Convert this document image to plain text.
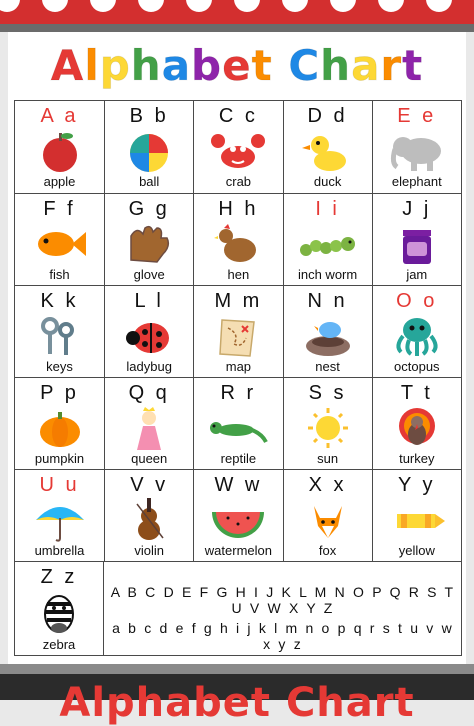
Alphabet Chart
A a
apple
B b
ball
C c
crab
D d
duck
E e
elephant
F f
fish
G g
glove
H h
hen
I i
inch worm
J j
jam
K k
keys
L l
ladybug
M m
map
N n
nest
O o
octopus
P p
pumpkin
Q q
queen
R r
reptile
S s
sun
T t
turkey
U u
umbrella
V v
violin
W w
watermelon
X x
fox
Y y
yellow
Z z
zebra
A B C D E F G H I J K L M N O P Q R S T U V W X Y Z
a b c d e f g h i j k l m n o p q r s t u v w x y z
Alphabet Chart
